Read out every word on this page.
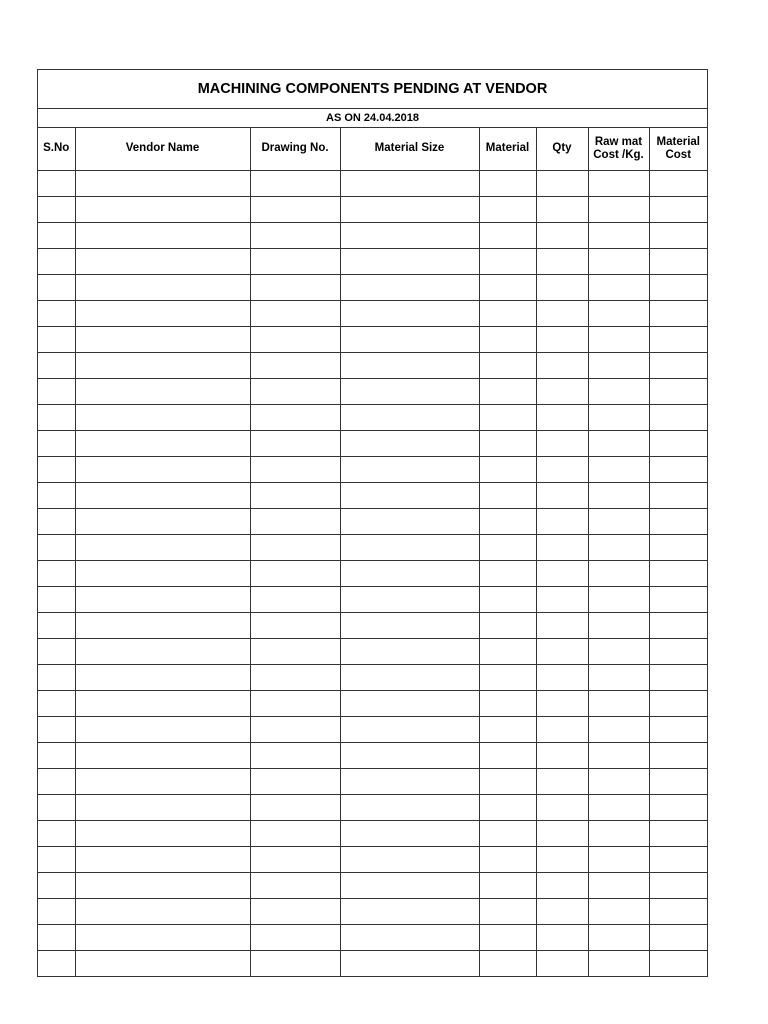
MACHINING COMPONENTS PENDING AT VENDOR
AS ON 24.04.2018
S.No	Vendor Name	Drawing No.	Material Size	Material	Qty	Raw mat Cost /Kg.	Material Cost
